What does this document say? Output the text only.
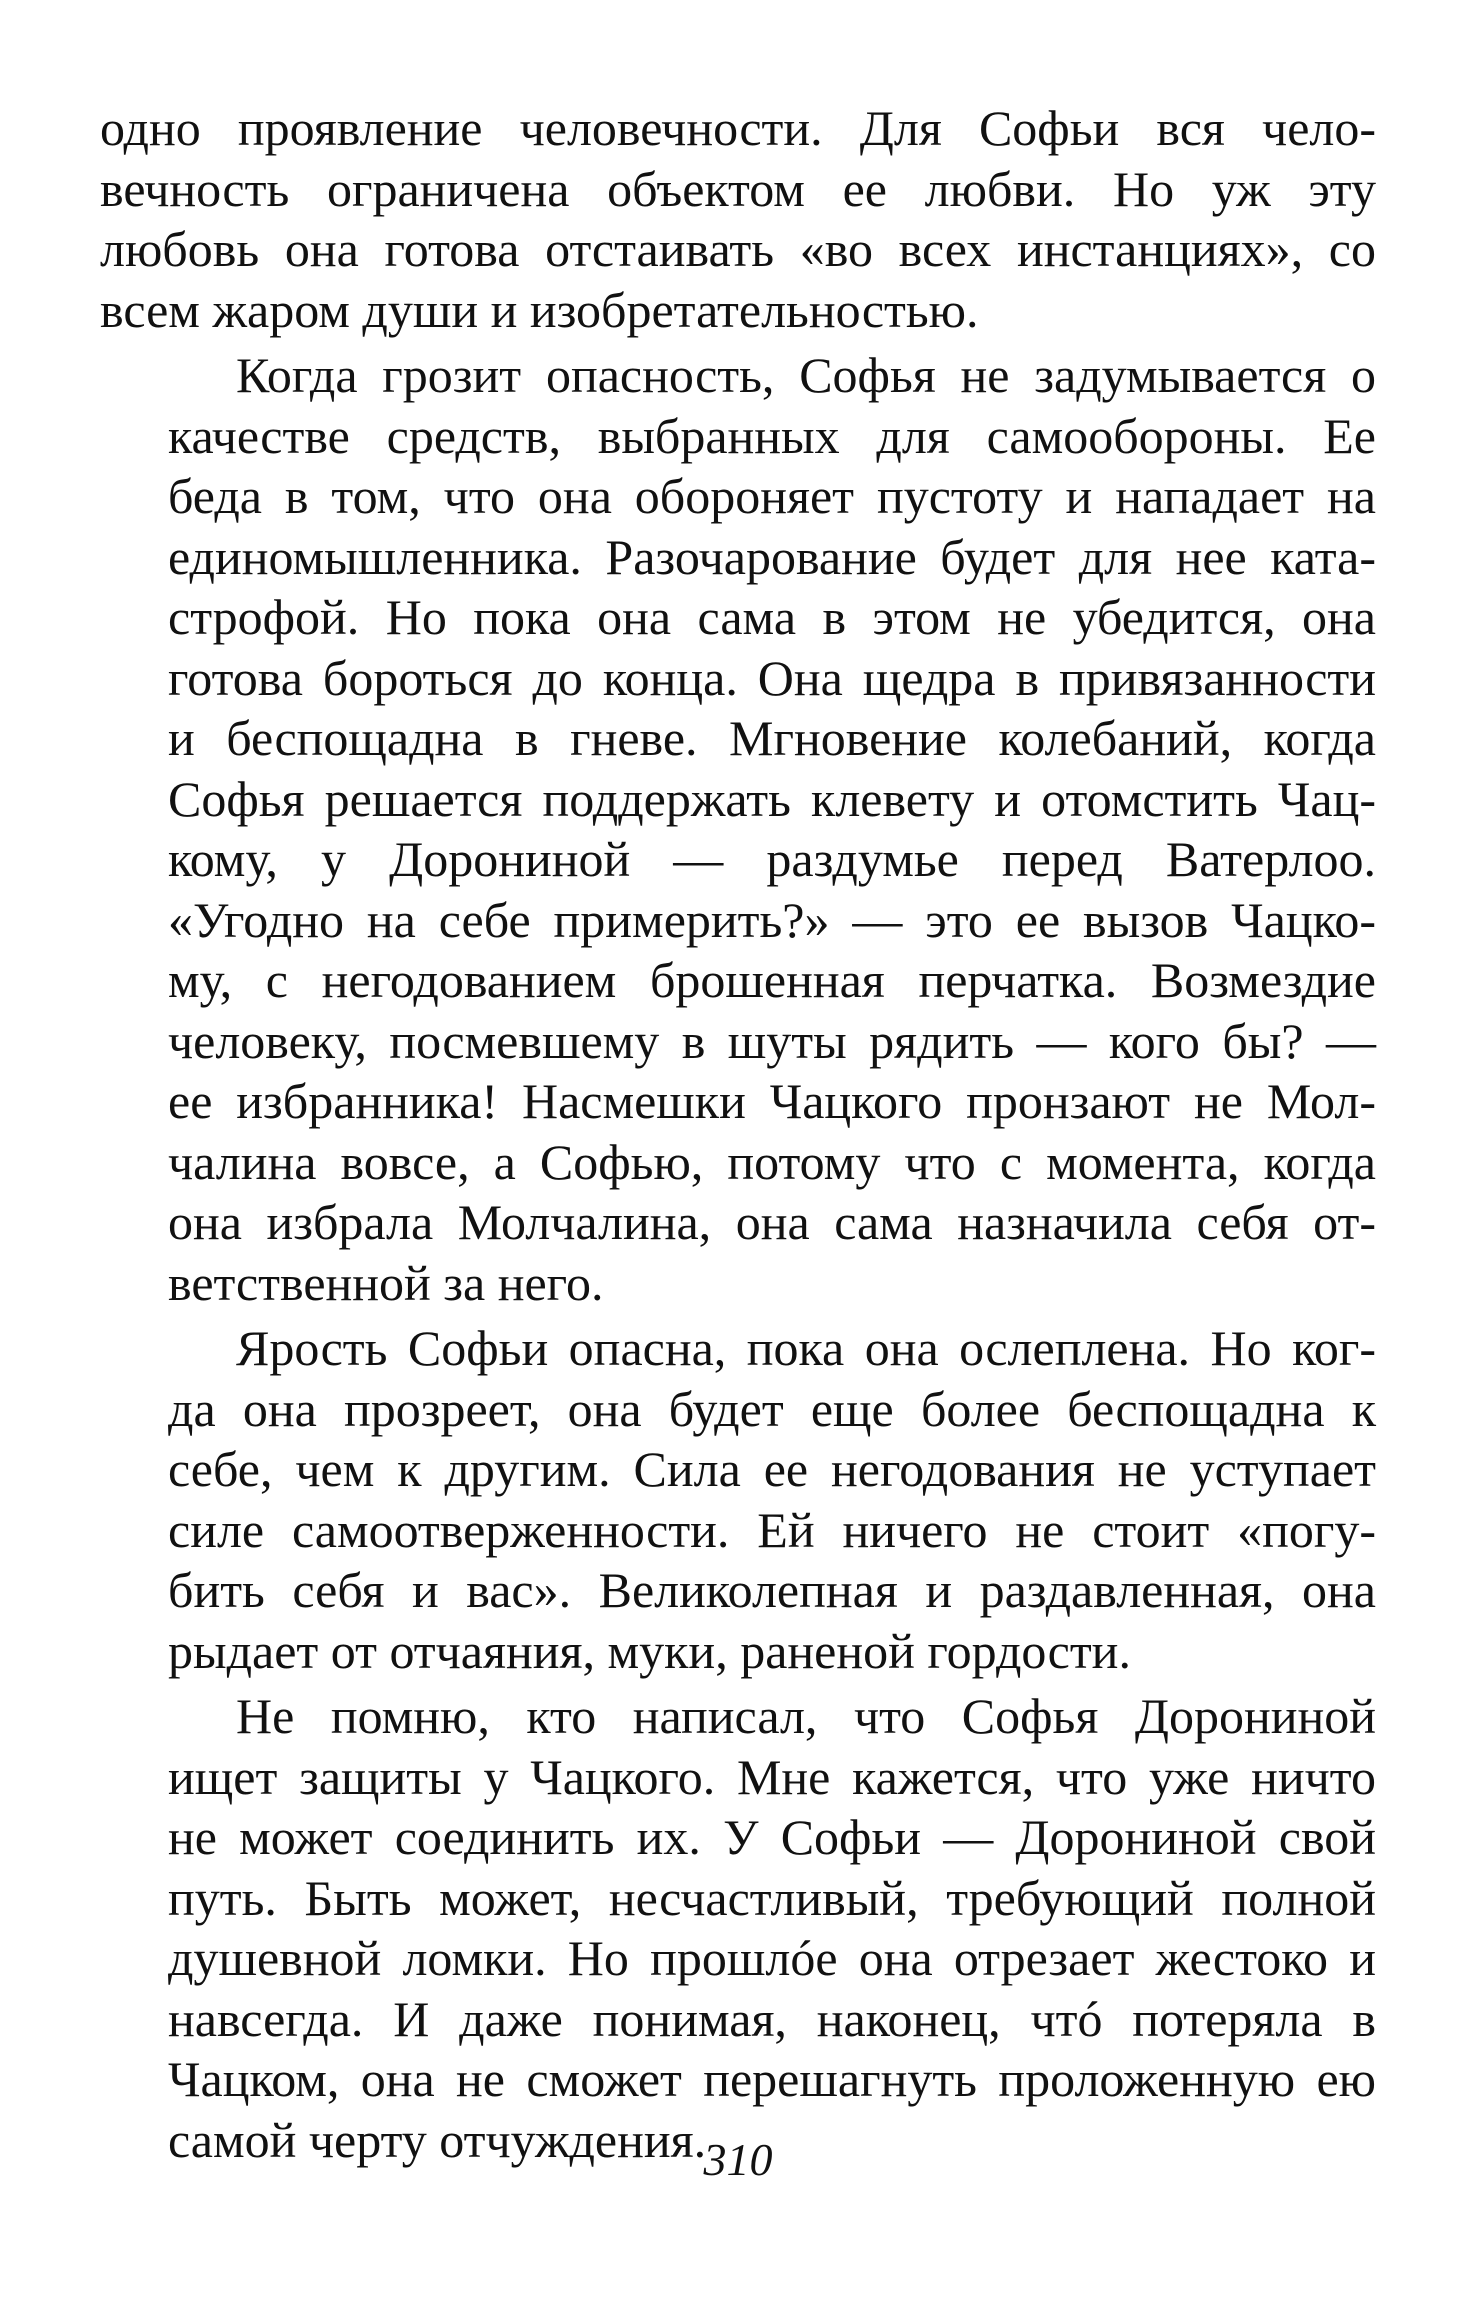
одно проявление человечности. Для Софьи вся чело-
вечность ограничена объектом ее любви. Но уж эту
любовь она готова отстаивать «во всех инстанциях», со
всем жаром души и изобретательностью.
Когда грозит опасность, Софья не задумывается о
качестве средств, выбранных для самообороны. Ее
беда в том, что она обороняет пустоту и нападает на
единомышленника. Разочарование будет для нее ката-
строфой. Но пока она сама в этом не убедится, она
готова бороться до конца. Она щедра в привязанности
и беспощадна в гневе. Мгновение колебаний, когда
Софья решается поддержать клевету и отомстить Чац-
кому, у Дорониной — раздумье перед Ватерлоо.
«Угодно на себе примерить?» — это ее вызов Чацко-
му, с негодованием брошенная перчатка. Возмездие
человеку, посмевшему в шуты рядить — кого бы? —
ее избранника! Насмешки Чацкого пронзают не Мол-
чалина вовсе, а Софью, потому что с момента, когда
она избрала Молчалина, она сама назначила себя от-
ветственной за него.
Ярость Софьи опасна, пока она ослеплена. Но ког-
да она прозреет, она будет еще более беспощадна к
себе, чем к другим. Сила ее негодования не уступает
силе самоотверженности. Ей ничего не стоит «погу-
бить себя и вас». Великолепная и раздавленная, она
рыдает от отчаяния, муки, раненой гордости.
Не помню, кто написал, что Софья Дорониной
ищет защиты у Чацкого. Мне кажется, что уже ничто
не может соединить их. У Софьи — Дорониной свой
путь. Быть может, несчастливый, требующий полной
душевной ломки. Но прошлóе она отрезает жестоко и
навсегда. И даже понимая, наконец, чтó потеряла в
Чацком, она не сможет перешагнуть проложенную ею
самой черту отчуждения.
310
